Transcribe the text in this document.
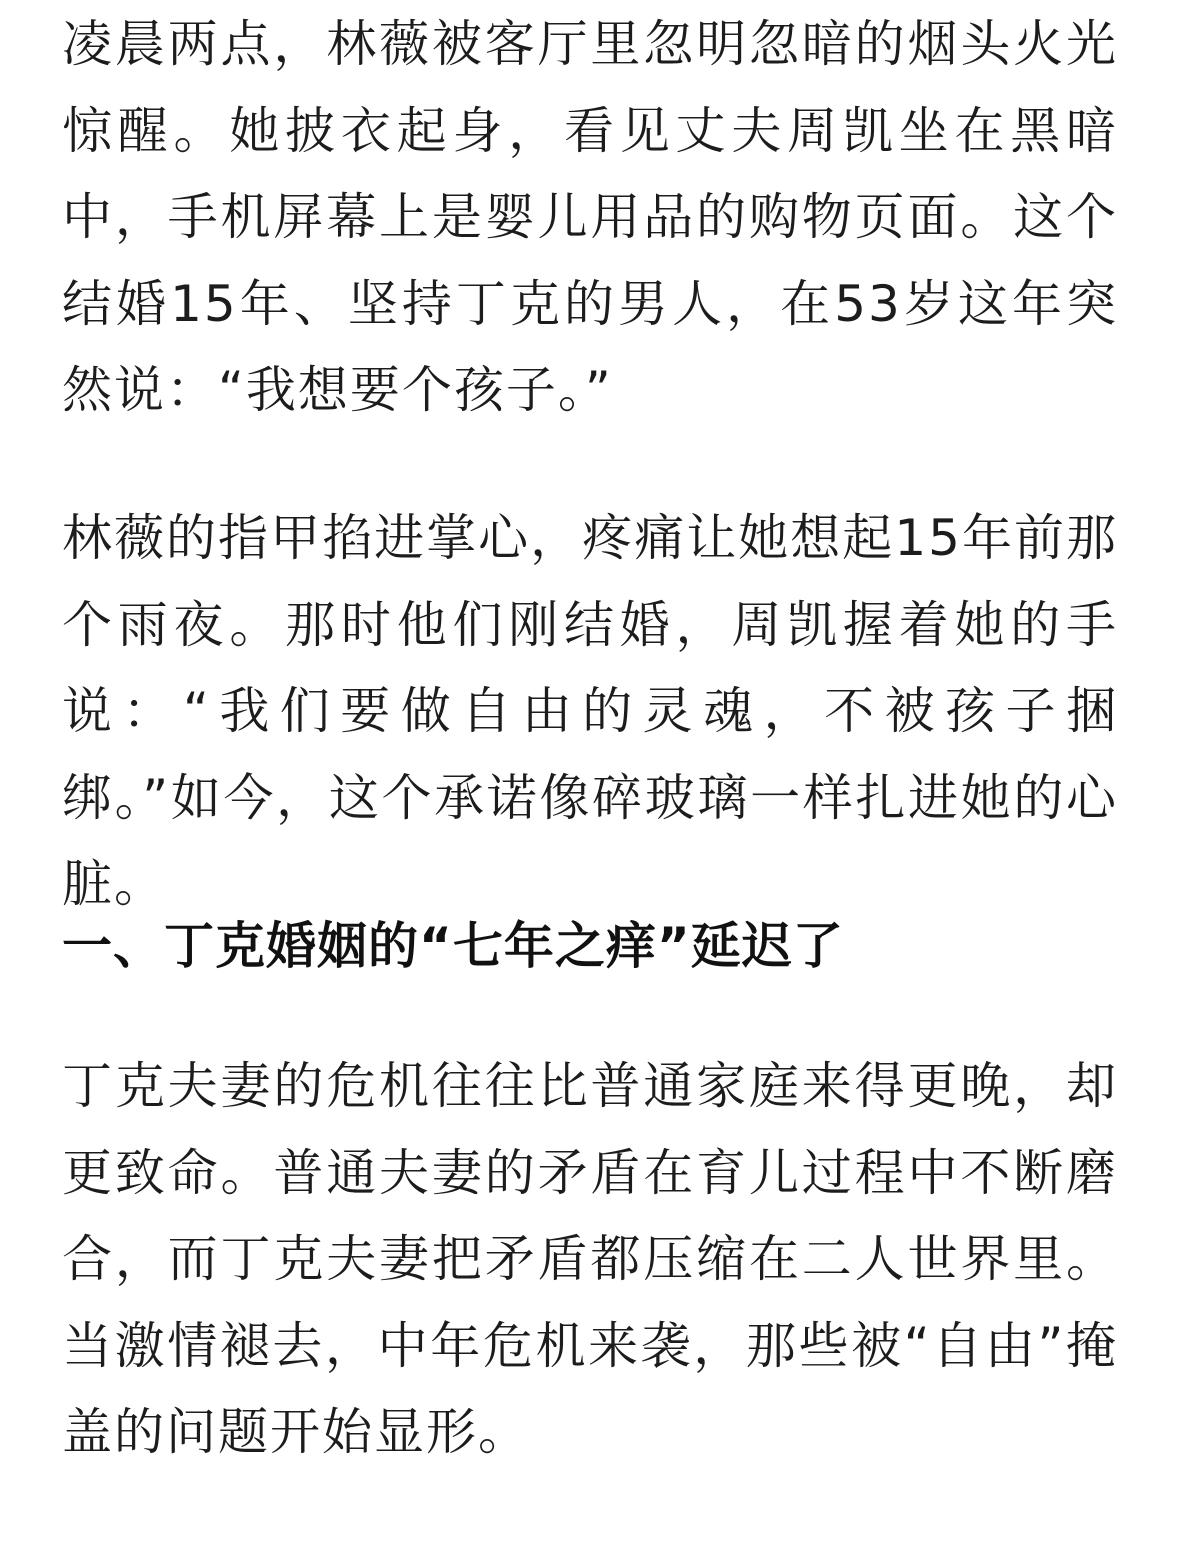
凌晨两点，林薇被客厅里忽明忽暗的烟头火光惊醒。她披衣起身，看见丈夫周凯坐在黑暗中，手机屏幕上是婴儿用品的购物页面。这个结婚15年、坚持丁克的男人，在53岁这年突然说：“我想要个孩子。”

林薇的指甲掐进掌心，疼痛让她想起15年前那个雨夜。那时他们刚结婚，周凯握着她的手说：“我们要做自由的灵魂，不被孩子捆绑。”如今，这个承诺像碎玻璃一样扎进她的心脏。

一、丁克婚姻的“七年之痒”延迟了

丁克夫妻的危机往往比普通家庭来得更晚，却更致命。普通夫妻的矛盾在育儿过程中不断磨合，而丁克夫妻把矛盾都压缩在二人世界里。当激情褪去，中年危机来袭，那些被“自由”掩盖的问题开始显形。
